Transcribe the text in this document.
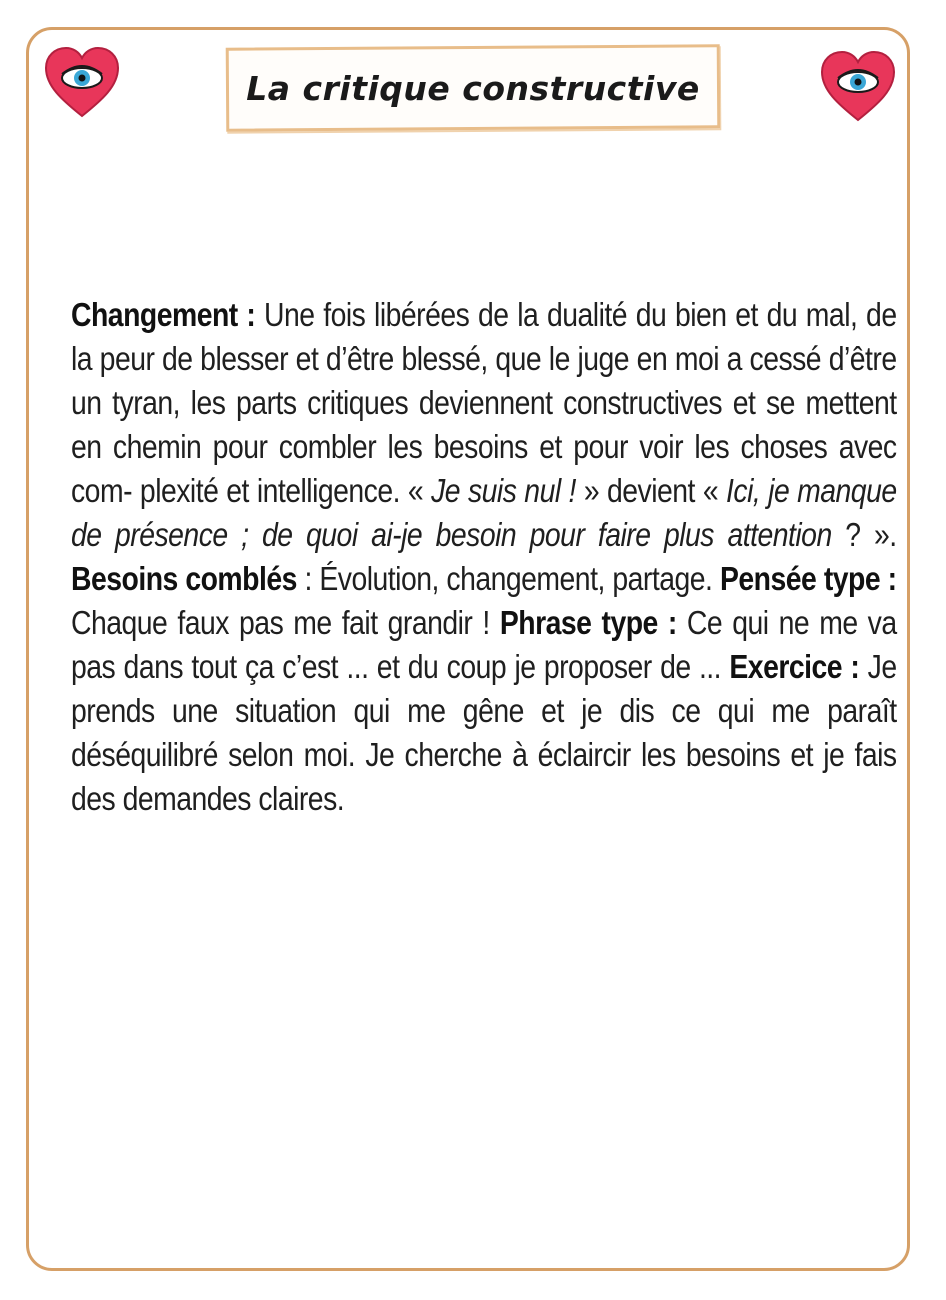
La critique constructive
Changement : Une fois libérées de la dualité du bien et du mal, de la peur de blesser et d’être blessé, que le juge en moi a cessé d’être un tyran, les parts critiques deviennent constructives et se mettent en chemin pour combler les besoins et pour voir les choses avec com- plexité et intelligence. « Je suis nul ! » devient « Ici, je manque de présence ; de quoi ai-je besoin pour faire plus attention ? ». Besoins comblés : Évolution, changement, partage. Pensée type : Chaque faux pas me fait grandir ! Phrase type : Ce qui ne me va pas dans tout ça c’est ... et du coup je proposer de ... Exercice : Je prends une situation qui me gêne et je dis ce qui me paraît déséquilibré selon moi. Je cherche à éclaircir les besoins et je fais des demandes claires.
